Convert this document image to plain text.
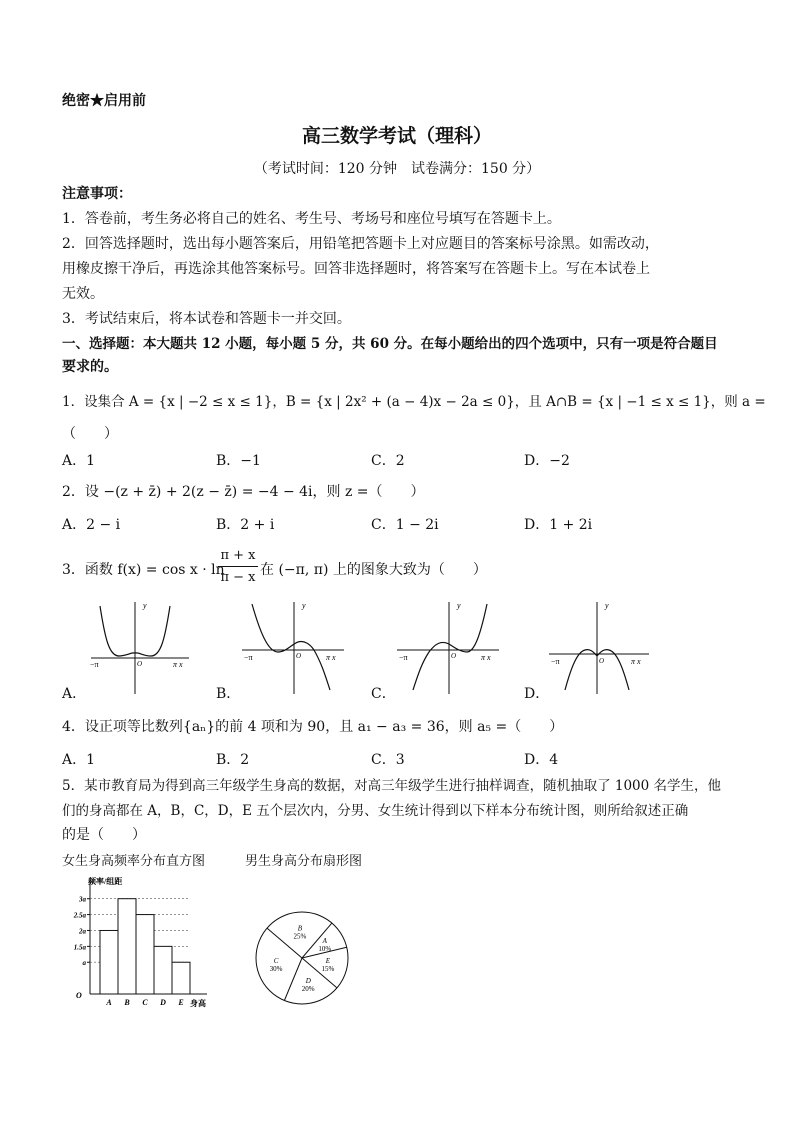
绝密★启用前
高三数学考试（理科）
（考试时间：120 分钟　试卷满分：150 分）
注意事项：
1．答卷前，考生务必将自己的姓名、考生号、考场号和座位号填写在答题卡上。
2．回答选择题时，选出每小题答案后，用铅笔把答题卡上对应题目的答案标号涂黑。如需改动，
用橡皮擦干净后，再选涂其他答案标号。回答非选择题时，将答案写在答题卡上。写在本试卷上
无效。
3．考试结束后，将本试卷和答题卡一并交回。
一、选择题：本大题共 12 小题，每小题 5 分，共 60 分。在每小题给出的四个选项中，只有一项是符合题目
要求的。
1．设集合 A = {x | −2 ≤ x ≤ 1}，B = {x | 2x² + (a − 4)x − 2a ≤ 0}，且 A∩B = {x | −1 ≤ x ≤ 1}，则 a =
（　　）
A．1	B．−1	C．2	D．−2
2．设 −(z + z̄) + 2(z − z̄) = −4 − 4i，则 z =（　　）
A．2 − i	B．2 + i	C．1 − 2i	D．1 + 2i
3．函数 f(x) = cos x · ln
π + x
π − x 在 (−π, π) 上的图象大致为（　　）
y
−π	π x
O
y
−π	π x
O
y
−π	π x
O
y
−π	π x
O
A．	B．	C．	D．
4．设正项等比数列{aₙ}的前 4 项和为 90，且 a₁ − a₃ = 36，则 a₅ =（　　）
A．1	B．2	C．3	D．4
5．某市教育局为得到高三年级学生身高的数据，对高三年级学生进行抽样调查，随机抽取了 1000 名学生，他
们的身高都在 A，B，C，D，E 五个层次内，分男、女生统计得到以下样本分布统计图，则所给叙述正确
的是（　　）
女生身高频率分布直方图	男生身高分布扇形图
频率/组距
身高
O
a
1.5a
2a
2.5a
3a
A B C D E
B
25%
A
10%
E
15%
D
20%
C
30%
